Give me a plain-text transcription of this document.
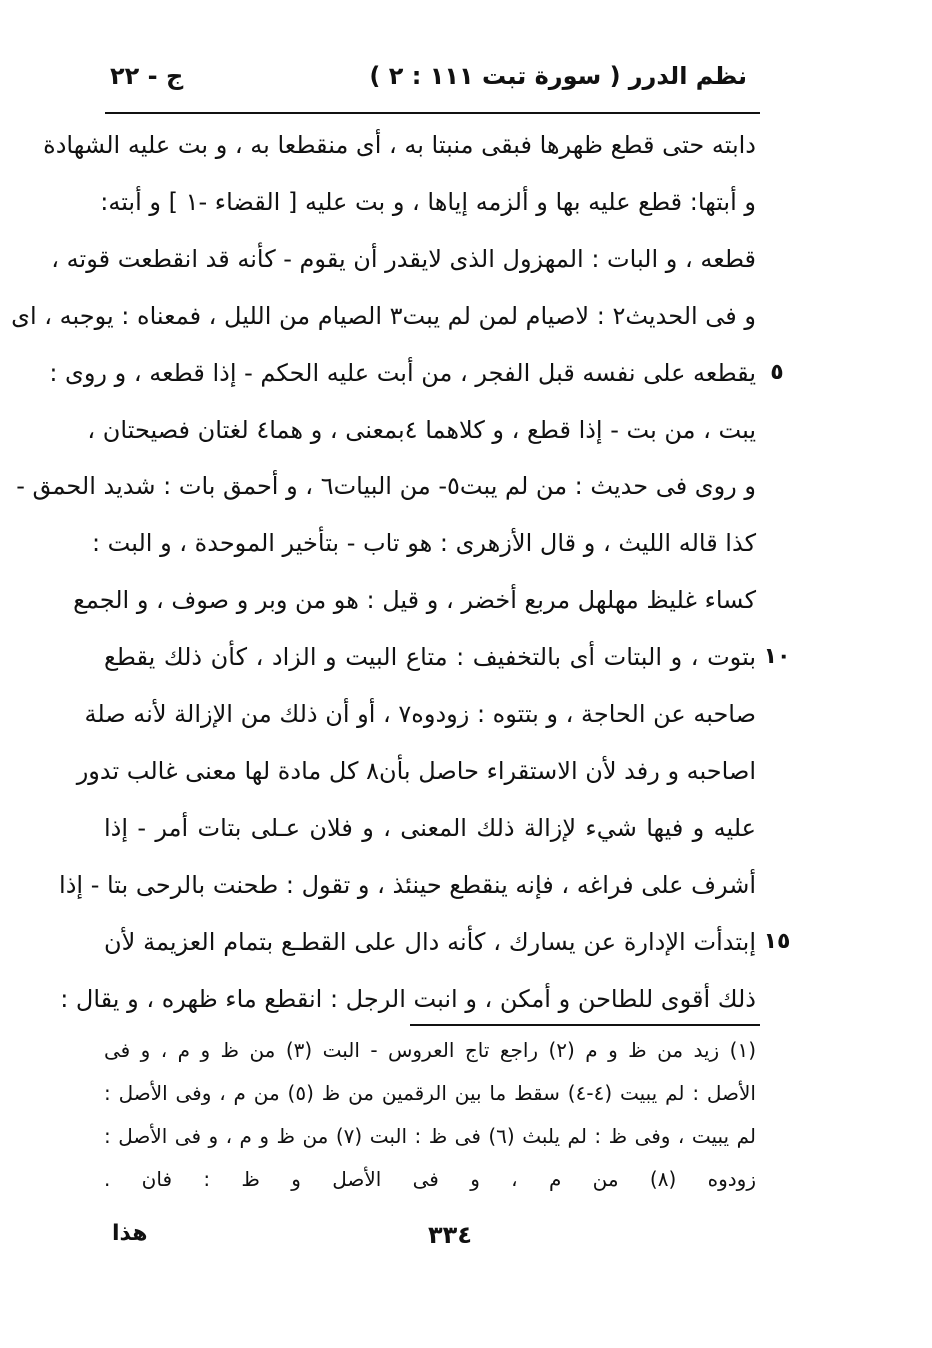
نظم الدرر
( سورة تبت ١١١ : ٢ )
ج - ٢٢
دابته حتى قطع ظهرها فبقى منبتا به ، أى منقطعا به ، و بت عليه الشهادة
و أبتها: قطع عليه بها و ألزمه إياها ، و بت عليه [ القضاء -١ ] و أبته:
قطعه ، و البات : المهزول الذى لايقدر أن يقوم - كأنه قد انقطعت قوته ،
و فى الحديث٢ : لاصيام لمن لم يبت٣ الصيام من الليل ، فمعناه : يوجبه ، اى
يقطعه على نفسه قبل الفجر ، من أبت عليه الحكم - إذا قطعه ، و روى : ٥
يبت ، من بت - إذا قطع ، و كلاهما ٤بمعنى ، و هما٤ لغتان فصيحتان ،
و روى فى حديث : من لم يبت٥- من البيات٦ ، و أحمق بات : شديد الحمق -
كذا قاله الليث ، و قال الأزهرى : هو تاب - بتأخير الموحدة ، و البت :
كساء غليظ مهلهل مربع أخضر ، و قيل : هو من وبر و صوف ، و الجمع
بتوت ، و البتات أى بالتخفيف : متاع البيت و الزاد ، كأن ذلك يقطع ١٠
صاحبه عن الحاجة ، و بتتوه : زودوه٧ ، أو أن ذلك من الإزالة لأنه صلة
اصاحبه و رفد لأن الاستقراء حاصل بأن٨ كل مادة لها معنى غالب تدور
عليه و فيها شيء لإزالة ذلك المعنى ، و فلان عـلى بتات أمر - إذا
أشرف على فراغه ، فإنه ينقطع حينئذ ، و تقول : طحنت بالرحى بتا - إذا
إبتدأت الإدارة عن يسارك ، كأنه دال على القطـع بتمام العزيمة لأن ١٥
ذلك أقوى للطاحن و أمكن ، و انبت الرجل : انقطع ماء ظهره ، و يقال :
(١) زيد من ظ و م (٢) راجع تاج العروس - البت (٣) من ظ و م ، و فى
الأصل : لم يبيت (٤-٤) سقط ما بين الرقمين من ظ (٥) من م ، وفى الأصل :
لم يبيت ، وفى ظ : لم يلبث (٦) فى ظ : البت (٧) من ظ و م ، و فى الأصل :
زودوه (٨) من م ، و فى الأصل و ظ : فان .
٣٣٤
هذا
